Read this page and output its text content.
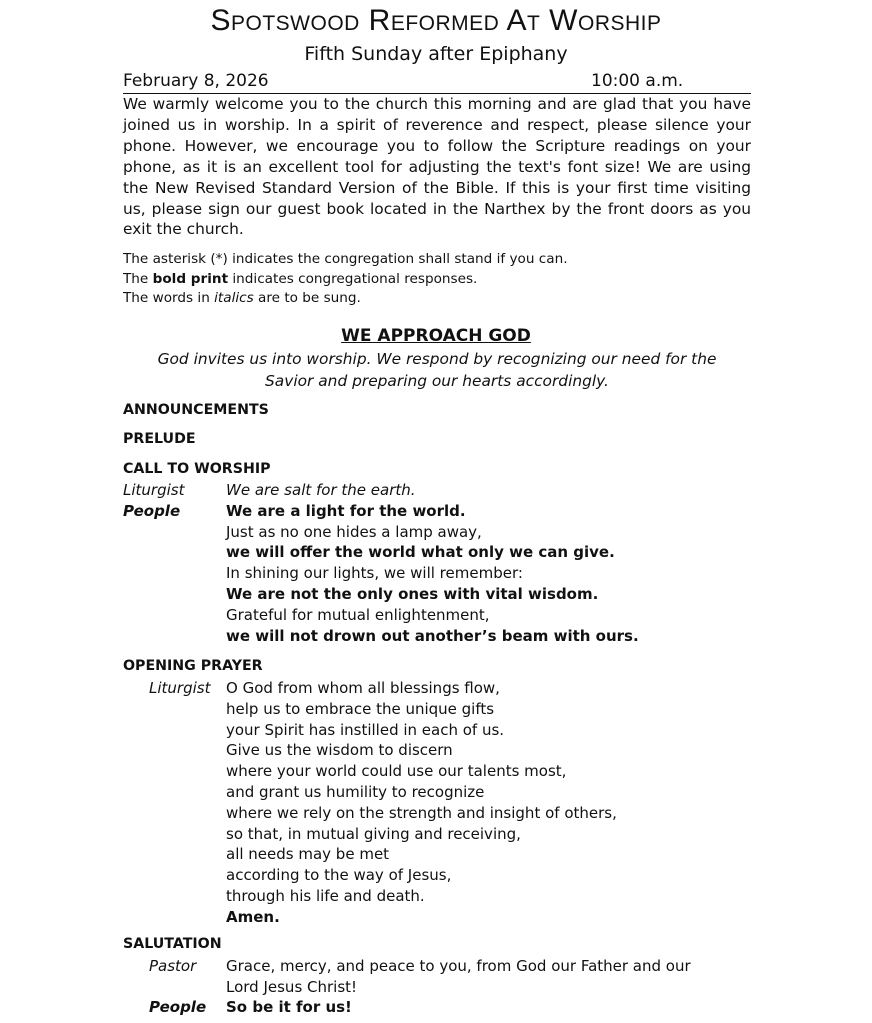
Spotswood Reformed At Worship
Fifth Sunday after Epiphany
February 8, 2026	10:00 a.m.
We warmly welcome you to the church this morning and are glad that you have joined us in worship. In a spirit of reverence and respect, please silence your phone. However, we encourage you to follow the Scripture readings on your phone, as it is an excellent tool for adjusting the text's font size! We are using the New Revised Standard Version of the Bible. If this is your first time visiting us, please sign our guest book located in the Narthex by the front doors as you exit the church.
The asterisk (*) indicates the congregation shall stand if you can.
The bold print indicates congregational responses.
The words in italics are to be sung.
WE APPROACH GOD
God invites us into worship. We respond by recognizing our need for the
Savior and preparing our hearts accordingly.
ANNOUNCEMENTS
PRELUDE
CALL TO WORSHIP
Liturgist
People
We are salt for the earth.
We are a light for the world.
Just as no one hides a lamp away,
we will offer the world what only we can give.
In shining our lights, we will remember:
We are not the only ones with vital wisdom.
Grateful for mutual enlightenment,
we will not drown out another’s beam with ours.
OPENING PRAYER
Liturgist O God from whom all blessings flow,
help us to embrace the unique gifts
your Spirit has instilled in each of us.
Give us the wisdom to discern
where your world could use our talents most,
and grant us humility to recognize
where we rely on the strength and insight of others,
so that, in mutual giving and receiving,
all needs may be met
according to the way of Jesus,
through his life and death.
Amen.
SALUTATION
Pastor Grace, mercy, and peace to you, from God our Father and our
Lord Jesus Christ!
People So be it for us!
